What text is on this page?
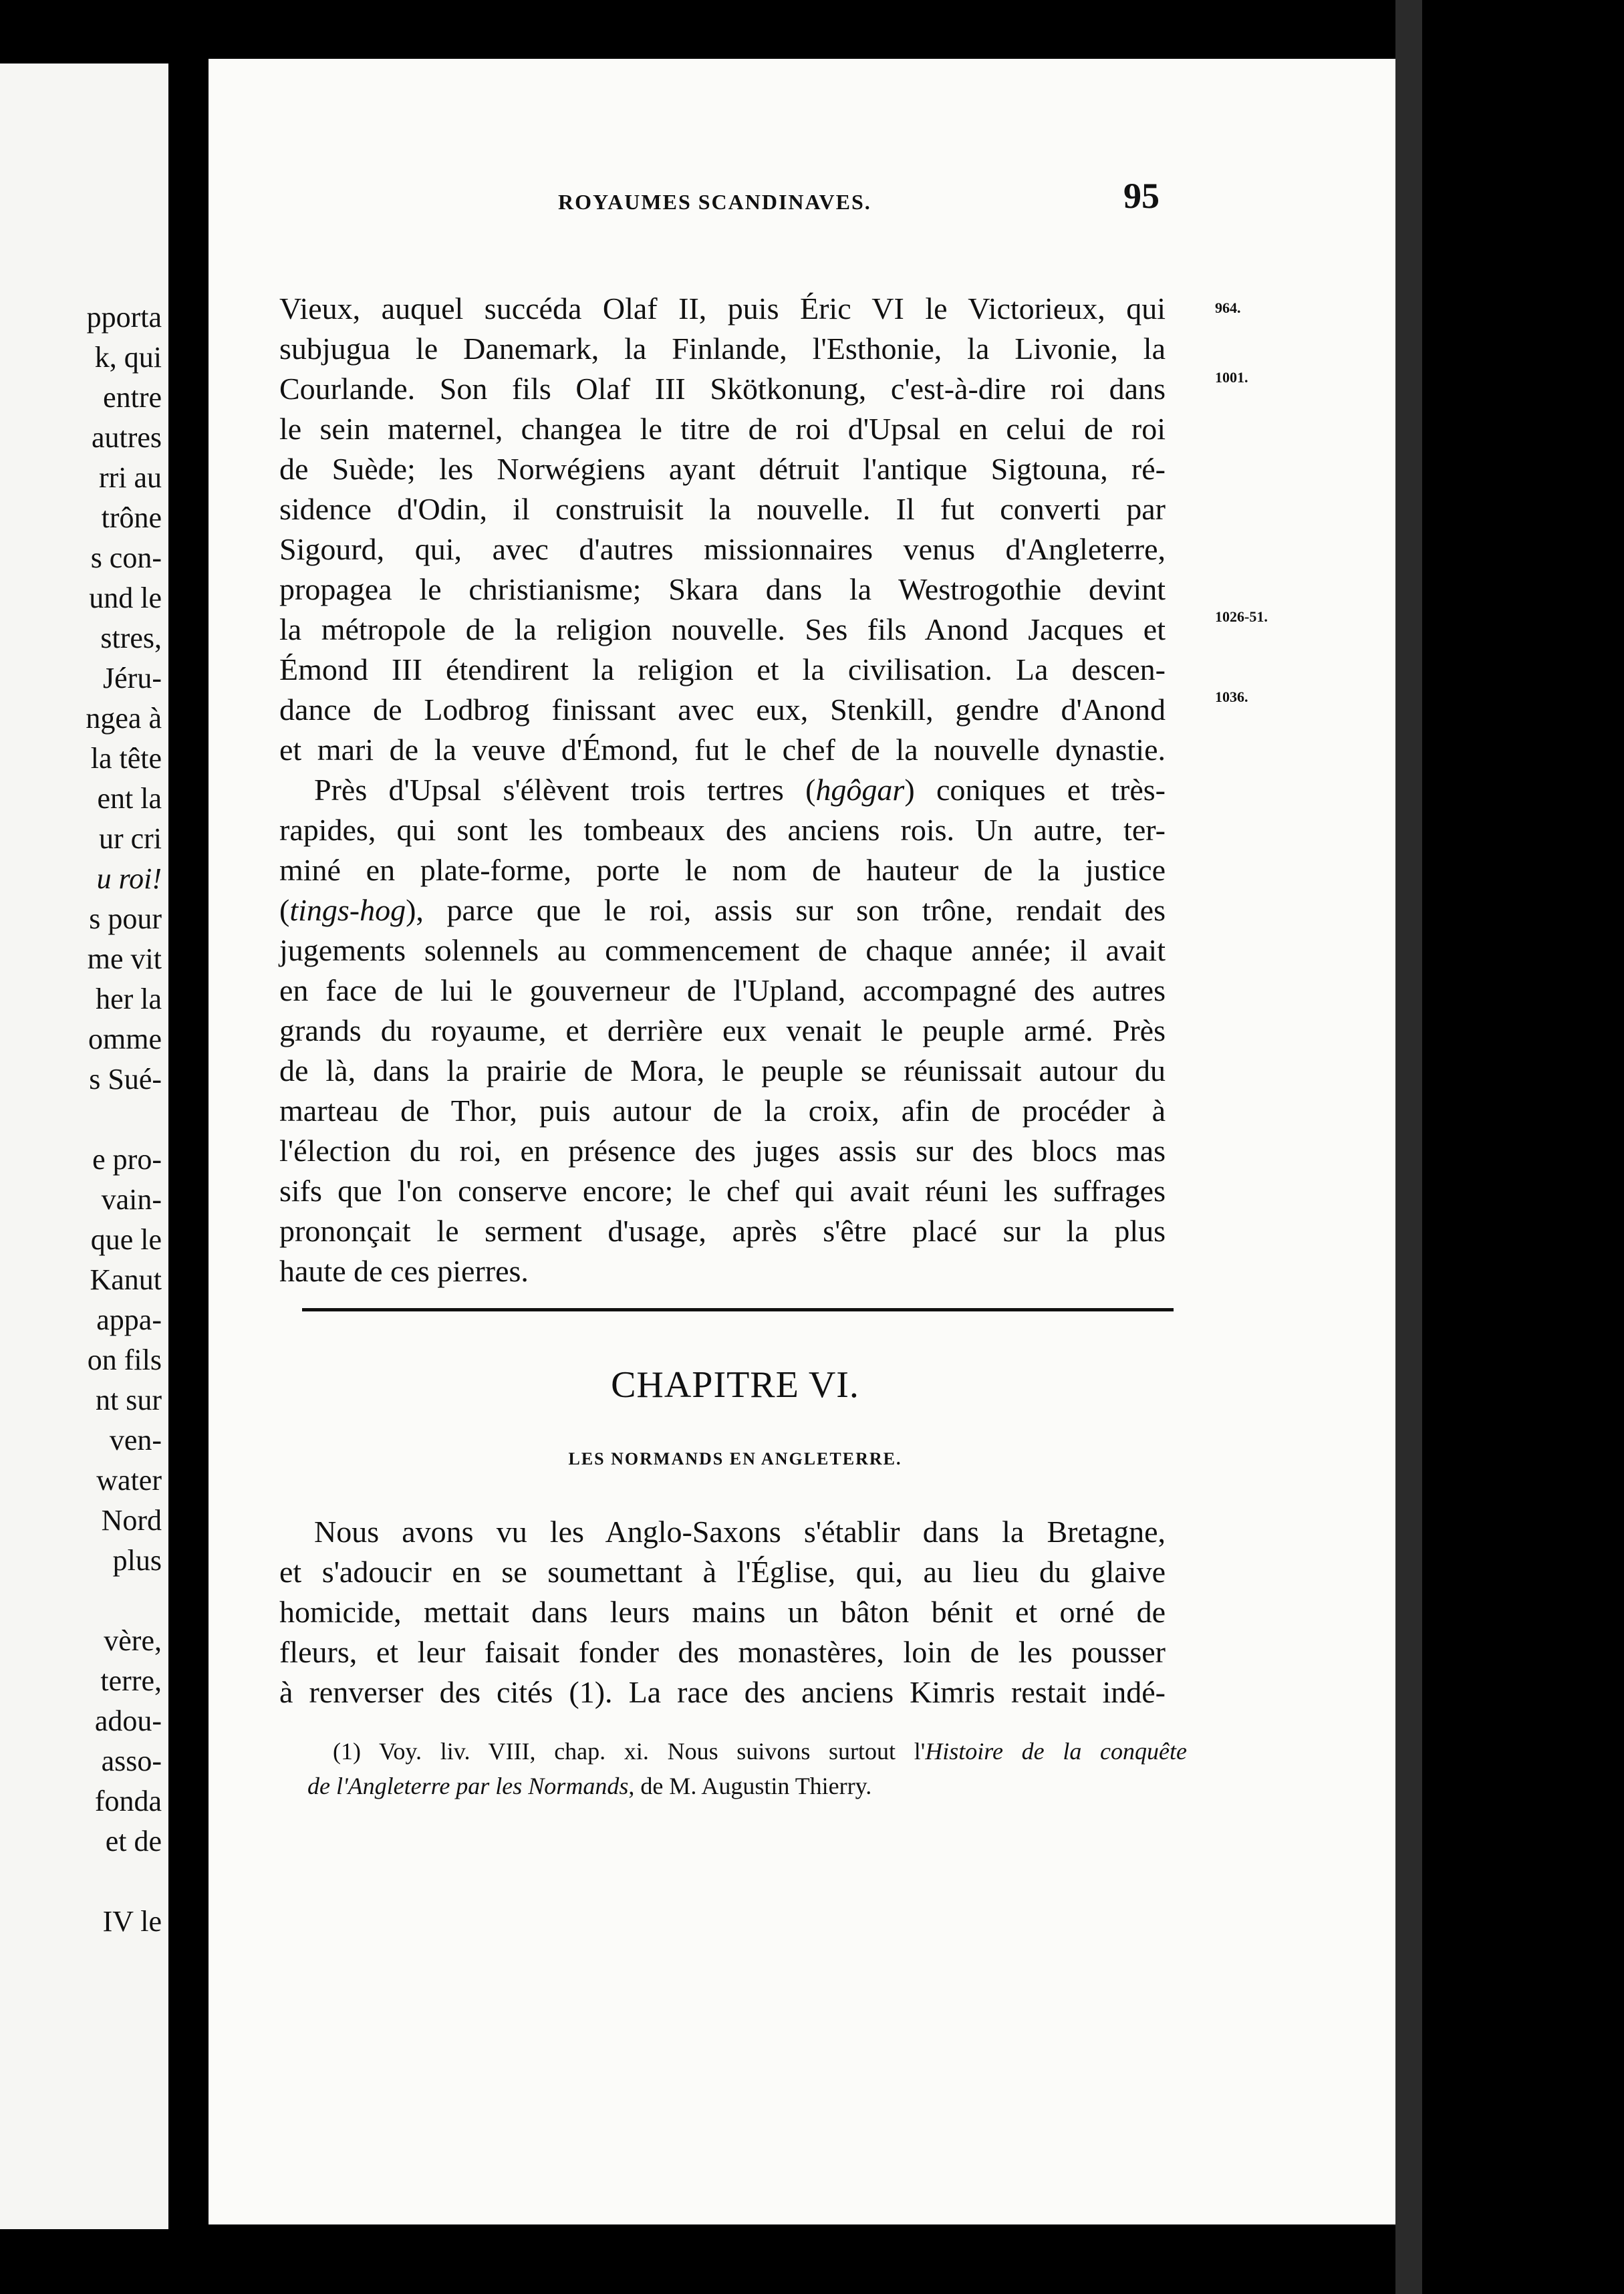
pporta
k, qui
entre
autres
rri au
trône
s con-
und le
stres,
Jéru-
ngea à
la tête
ent la
ur cri
u roi!
s pour
me vit
her la
omme
s Sué-
e pro-
vain-
que le
Kanut
appa-
on fils
nt sur
ven-
water
Nord
plus
vère,
terre,
adou-
asso-
fonda
et de
IV le
ROYAUMES SCANDINAVES.	95
Vieux, auquel succéda Olaf II, puis Éric VI le Victorieux, qui
subjugua le Danemark, la Finlande, l'Esthonie, la Livonie, la
Courlande. Son fils Olaf III Skötkonung, c'est-à-dire roi dans
le sein maternel, changea le titre de roi d'Upsal en celui de roi
de Suède; les Norwégiens ayant détruit l'antique Sigtouna, ré-
sidence d'Odin, il construisit la nouvelle. Il fut converti par
Sigourd, qui, avec d'autres missionnaires venus d'Angleterre,
propagea le christianisme; Skara dans la Westrogothie devint
la métropole de la religion nouvelle. Ses fils Anond Jacques et
Émond III étendirent la religion et la civilisation. La descen-
dance de Lodbrog finissant avec eux, Stenkill, gendre d'Anond
et mari de la veuve d'Émond, fut le chef de la nouvelle dynastie.
Près d'Upsal s'élèvent trois tertres (hgôgar) coniques et très-
rapides, qui sont les tombeaux des anciens rois. Un autre, ter-
miné en plate-forme, porte le nom de hauteur de la justice
(tings-hog), parce que le roi, assis sur son trône, rendait des
jugements solennels au commencement de chaque année; il avait
en face de lui le gouverneur de l'Upland, accompagné des autres
grands du royaume, et derrière eux venait le peuple armé. Près
de là, dans la prairie de Mora, le peuple se réunissait autour du
marteau de Thor, puis autour de la croix, afin de procéder à
l'élection du roi, en présence des juges assis sur des blocs mas
sifs que l'on conserve encore; le chef qui avait réuni les suffrages
prononçait le serment d'usage, après s'être placé sur la plus
haute de ces pierres.
964.
1001.
1026-51.
1036.
CHAPITRE VI.
LES NORMANDS EN ANGLETERRE.
Nous avons vu les Anglo-Saxons s'établir dans la Bretagne,
et s'adoucir en se soumettant à l'Église, qui, au lieu du glaive
homicide, mettait dans leurs mains un bâton bénit et orné de
fleurs, et leur faisait fonder des monastères, loin de les pousser
à renverser des cités (1). La race des anciens Kimris restait indé-
(1) Voy. liv. VIII, chap. xi. Nous suivons surtout l'Histoire de la conquête
de l'Angleterre par les Normands, de M. Augustin Thierry.
